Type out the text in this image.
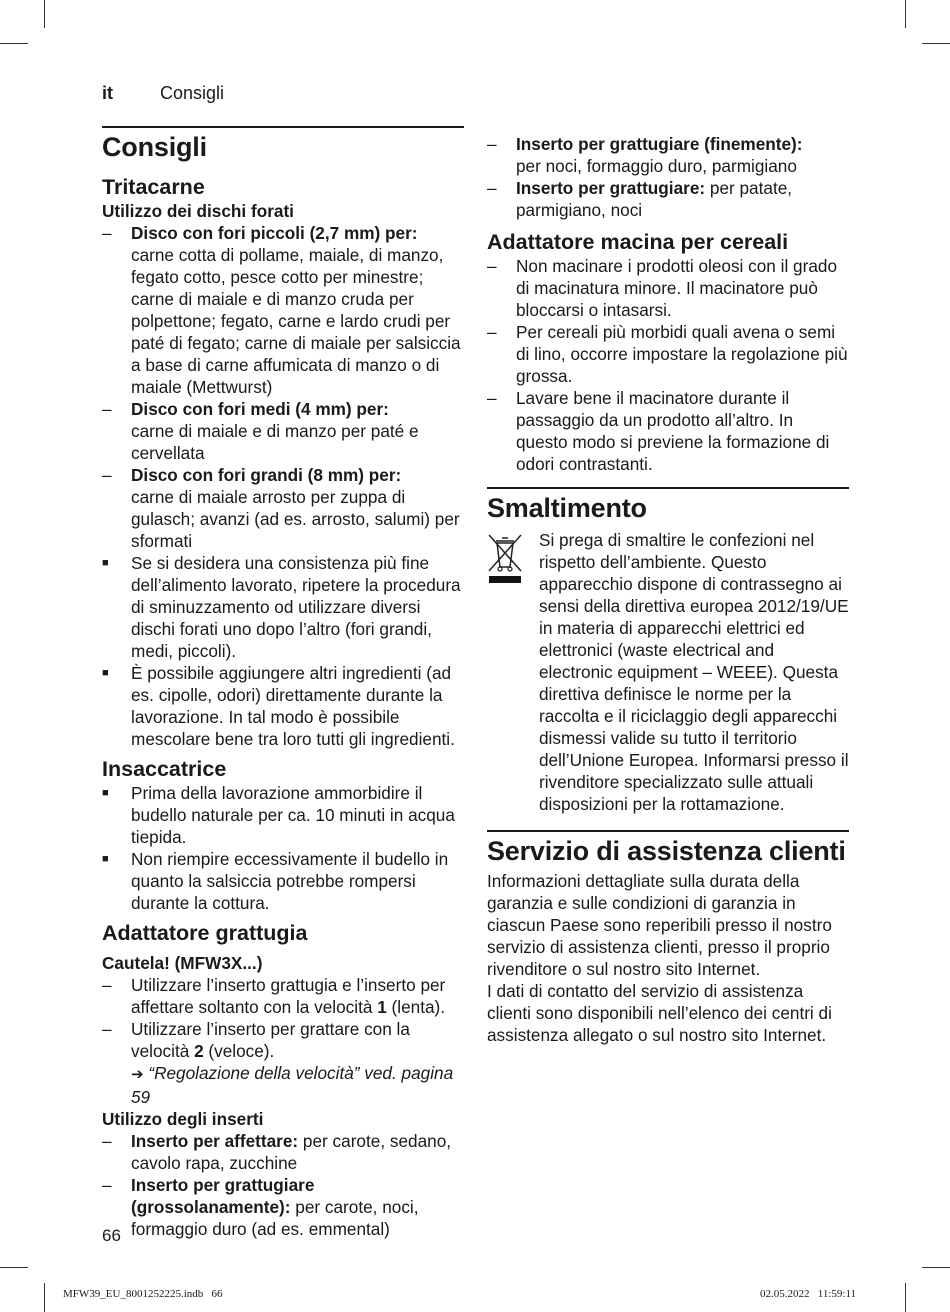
it	Consigli
Consigli
Tritacarne
Utilizzo dei dischi forati
– Disco con fori piccoli (2,7 mm) per:
carne cotta di pollame, maiale, di manzo, fegato cotto, pesce cotto per minestre; carne di maiale e di manzo cruda per polpettone; fegato, carne e lardo crudi per paté di fegato; carne di maiale per salsiccia a base di carne affumicata di manzo o di maiale (Mettwurst)
– Disco con fori medi (4 mm) per:
carne di maiale e di manzo per paté e cervellata
– Disco con fori grandi (8 mm) per:
carne di maiale arrosto per zuppa di gulasch; avanzi (ad es. arrosto, salumi) per sformati
■ Se si desidera una consistenza più fine dell’alimento lavorato, ripetere la procedura di sminuzzamento od utilizzare diversi dischi forati uno dopo l’altro (fori grandi, medi, piccoli).
■ È possibile aggiungere altri ingredienti (ad es. cipolle, odori) direttamente durante la lavorazione. In tal modo è possibile mescolare bene tra loro tutti gli ingredienti.
Insaccatrice
■ Prima della lavorazione ammorbidire il budello naturale per ca. 10 minuti in acqua tiepida.
■ Non riempire eccessivamente il budello in quanto la salsiccia potrebbe rompersi durante la cottura.
Adattatore grattugia
Cautela! (MFW3X...)
– Utilizzare l’inserto grattugia e l’inserto per affettare soltanto con la velocità 1 (lenta).
– Utilizzare l’inserto per grattare con la velocità 2 (veloce).
➔ “Regolazione della velocità” ved. pagina 59
Utilizzo degli inserti
– Inserto per affettare: per carote, sedano, cavolo rapa, zucchine
– Inserto per grattugiare (grossolanamente): per carote, noci, formaggio duro (ad es. emmental)
– Inserto per grattugiare (finemente):
per noci, formaggio duro, parmigiano
– Inserto per grattugiare: per patate, parmigiano, noci
Adattatore macina per cereali
– Non macinare i prodotti oleosi con il grado di macinatura minore. Il macinatore può bloccarsi o intasarsi.
– Per cereali più morbidi quali avena o semi di lino, occorre impostare la regolazione più grossa.
– Lavare bene il macinatore durante il passaggio da un prodotto all’altro. In questo modo si previene la formazione di odori contrastanti.
Smaltimento

Si prega di smaltire le confezioni nel rispetto dell’ambiente. Questo apparecchio dispone di contrassegno ai sensi della direttiva europea 2012/19/UE in materia di apparecchi elettrici ed elettronici (waste electrical and electronic equipment – WEEE). Questa direttiva definisce le norme per la raccolta e il riciclaggio degli apparecchi dismessi valide su tutto il territorio dell’Unione Europea. Informarsi presso il rivenditore specializzato sulle attuali disposizioni per la rottamazione.

Servizio di assistenza clienti

Informazioni dettagliate sulla durata della garanzia e sulle condizioni di garanzia in ciascun Paese sono reperibili presso il nostro servizio di assistenza clienti, presso il proprio rivenditore o sul nostro sito Internet.

I dati di contatto del servizio di assistenza clienti sono disponibili nell’elenco dei centri di assistenza allegato o sul nostro sito Internet.

66
MFW39_EU_8001252225.indb   66	02.05.2022   11:59:11
